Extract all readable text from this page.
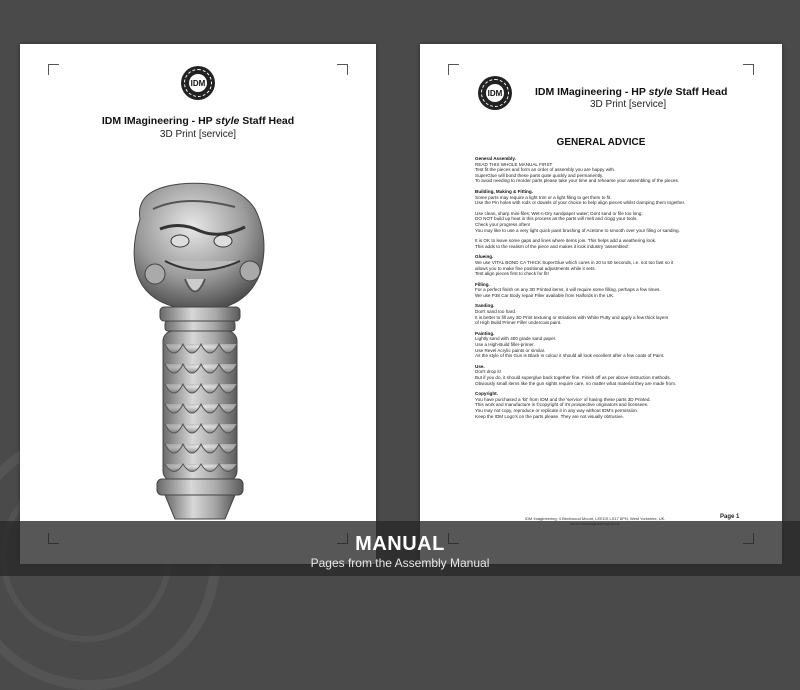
IDM
IDM IMagineering - HP style Staff Head
3D Print [service]
IDM	IDM IMagineering - HP style Staff Head
3D Print [service]
GENERAL ADVICE
General Assembly.
READ THIS WHOLE MANUAL FIRST
Test fit the pieces and form an order of assembly you are happy with.
SuperGlue will bond these parts quite quickly and permanently.
To avoid needing to reorder parts please take your time and rehearse your assembling of the pieces.
Building, Making & Fitting.
Some parts may require a light trim or a light filing to get them to fit.
Use the Pin holes with rods or dowels of your choice to help align pieces whilst clamping them together.
Use clean, sharp mini-files; Wet-n-Dry sandpaper water; Dont sand or file too long;
DO NOT build up heat in this process as the parts will melt and clogg your tools.
Check your progress often!
You may like to use a very light quick paint brushing of Acetone to smooth over your filing or sanding.
It is OK to leave some gaps and lines where items join. This helps add a weathering look.
This adds to the realism of the piece and makes it look industry 'assembled'.
Glueing.
We use VITAL BOND CA THICK SuperGlue which cures in 20 to 50 seconds, i.e. not too fast so it
allows you to make fine positional adjustments while it sets.
Test align pieces first to check for fit!
Filling.
For a perfect finish on any 3D Printed items, it will require some filling, perhaps a few times.
We use P38 Car Body repair Filler available from Halfords in the UK.
Sanding.
Don't sand too hard.
It is better to fill any 3D Print texturing or striations with White Putty and apply a few thick layers
of High Build Primer Filler undercoat paint.
Painting.
Lightly sand with 400 grade sand paper.
Use a High-Build filler-primer.
Use Revel Acrylic paints or similar.
As the style of this Gun is Black in colour it should all look excellent after a few coats of Paint.
Use.
Don't drop it!
But if you do, it should superglue back together fine. Finish off as per above instruction methods.
Obviously small items like the gun sights require care, no matter what material they are made from.
Copyright.
You have purchased a 'kit' from IDM and the 'service' of having these parts 3D Printed.
This work and manufacture is ©copyright of it's prospective originators and licensees.
You may not copy, reproduce or replicate it in any way without IDM's permission.
Keep the IDM Logo's on the parts please. They are not visually obtrusive.
IDM Imagineering, 4 Birchwood Mount, LEEDS LS17 8PN, West Yorkshire, UK.	Page 1
MANUAL
Pages from the Assembly Manual
